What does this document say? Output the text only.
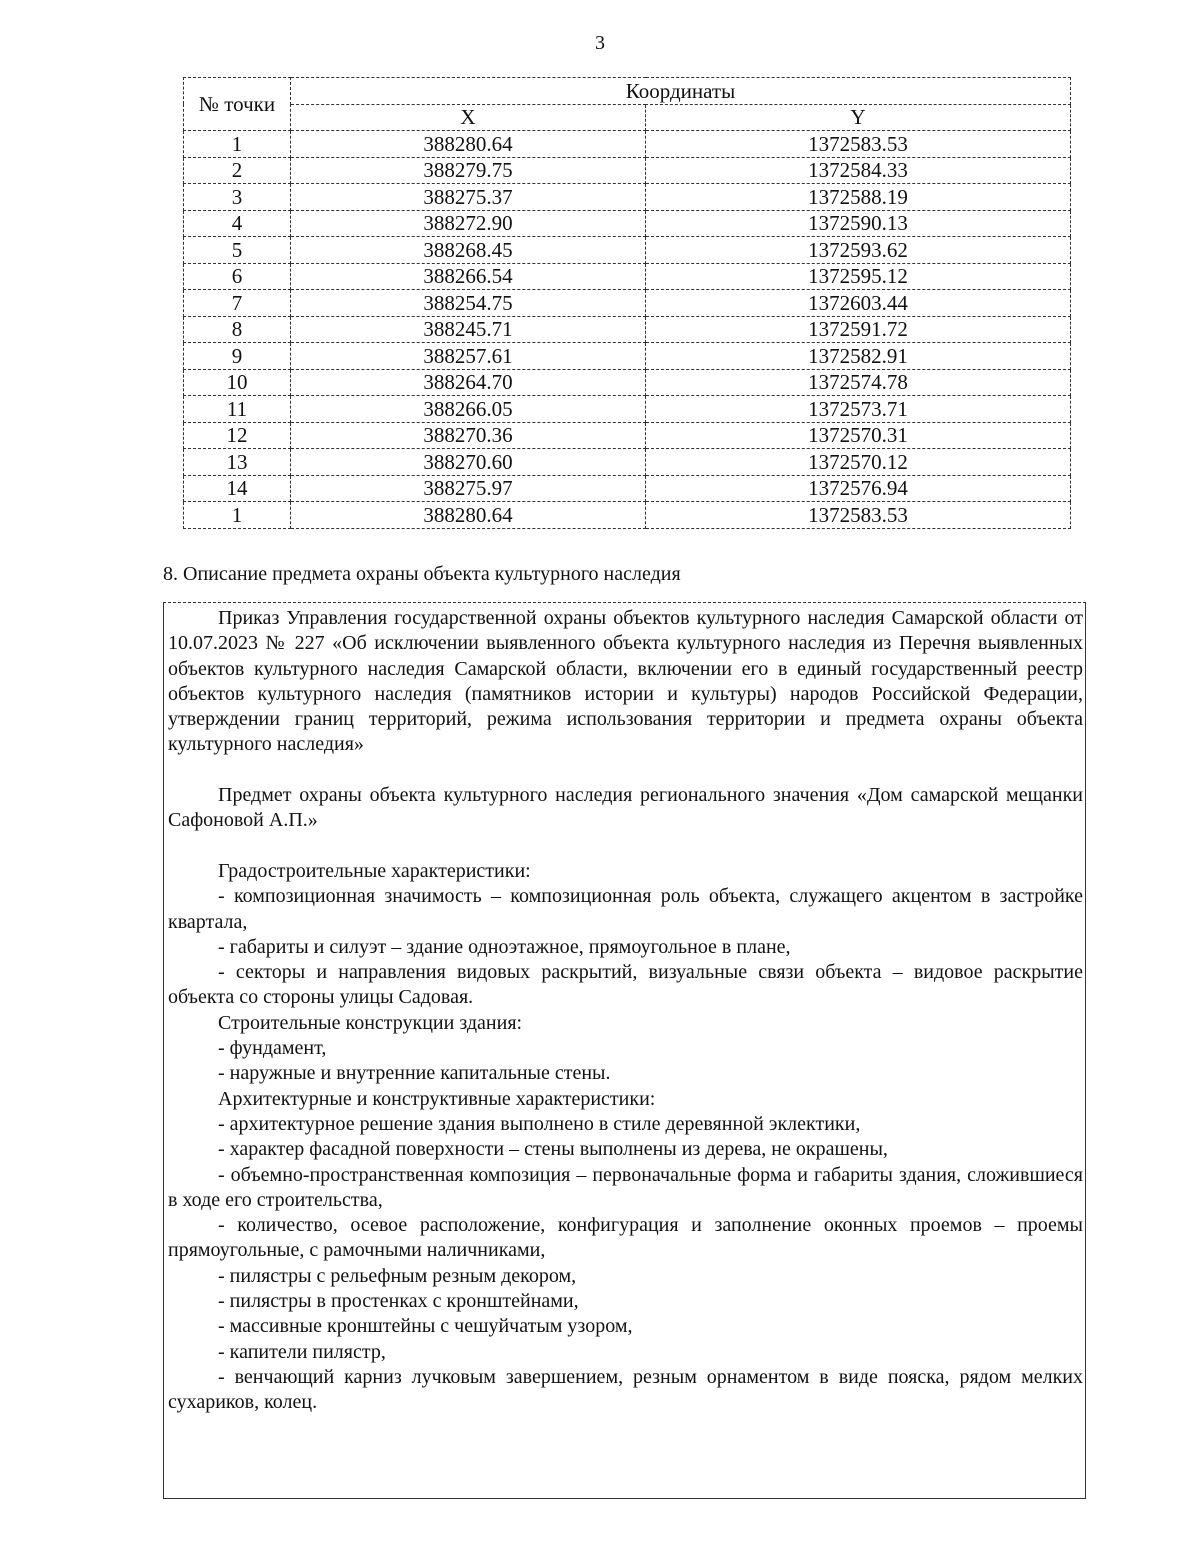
3
№ точки	Координаты	
	X	Y
1	388280.64	1372583.53
2	388279.75	1372584.33
3	388275.37	1372588.19
4	388272.90	1372590.13
5	388268.45	1372593.62
6	388266.54	1372595.12
7	388254.75	1372603.44
8	388245.71	1372591.72
9	388257.61	1372582.91
10	388264.70	1372574.78
11	388266.05	1372573.71
12	388270.36	1372570.31
13	388270.60	1372570.12
14	388275.97	1372576.94
1	388280.64	1372583.53
8. Описание предмета охраны объекта культурного наследия

Приказ Управления государственной охраны объектов культурного наследия Самарской области от 10.07.2023 № 227 «Об исключении выявленного объекта культурного наследия из Перечня выявленных объектов культурного наследия Самарской области, включении его в единый государственный реестр объектов культурного наследия (памятников истории и культуры) народов Российской Федерации, утверждении границ территорий, режима использования территории и предмета охраны объекта культурного наследия»

Предмет охраны объекта культурного наследия регионального значения «Дом самарской мещанки Сафоновой А.П.»

Градостроительные характеристики:

- композиционная значимость – композиционная роль объекта, служащего акцентом в застройке квартала,

- габариты и силуэт – здание одноэтажное, прямоугольное в плане,

- секторы и направления видовых раскрытий, визуальные связи объекта – видовое раскрытие объекта со стороны улицы Садовая.

Строительные конструкции здания:

- фундамент,

- наружные и внутренние капитальные стены.

Архитектурные и конструктивные характеристики:

- архитектурное решение здания выполнено в стиле деревянной эклектики,

- характер фасадной поверхности – стены выполнены из дерева, не окрашены,

- объемно-пространственная композиция – первоначальные форма и габариты здания, сложившиеся в ходе его строительства,

- количество, осевое расположение, конфигурация и заполнение оконных проемов – проемы прямоугольные, с рамочными наличниками,

- пилястры с рельефным резным декором,

- пилястры в простенках с кронштейнами,

- массивные кронштейны с чешуйчатым узором,

- капители пилястр,

- венчающий карниз лучковым завершением, резным орнаментом в виде пояска, рядом мелких сухариков, колец.
